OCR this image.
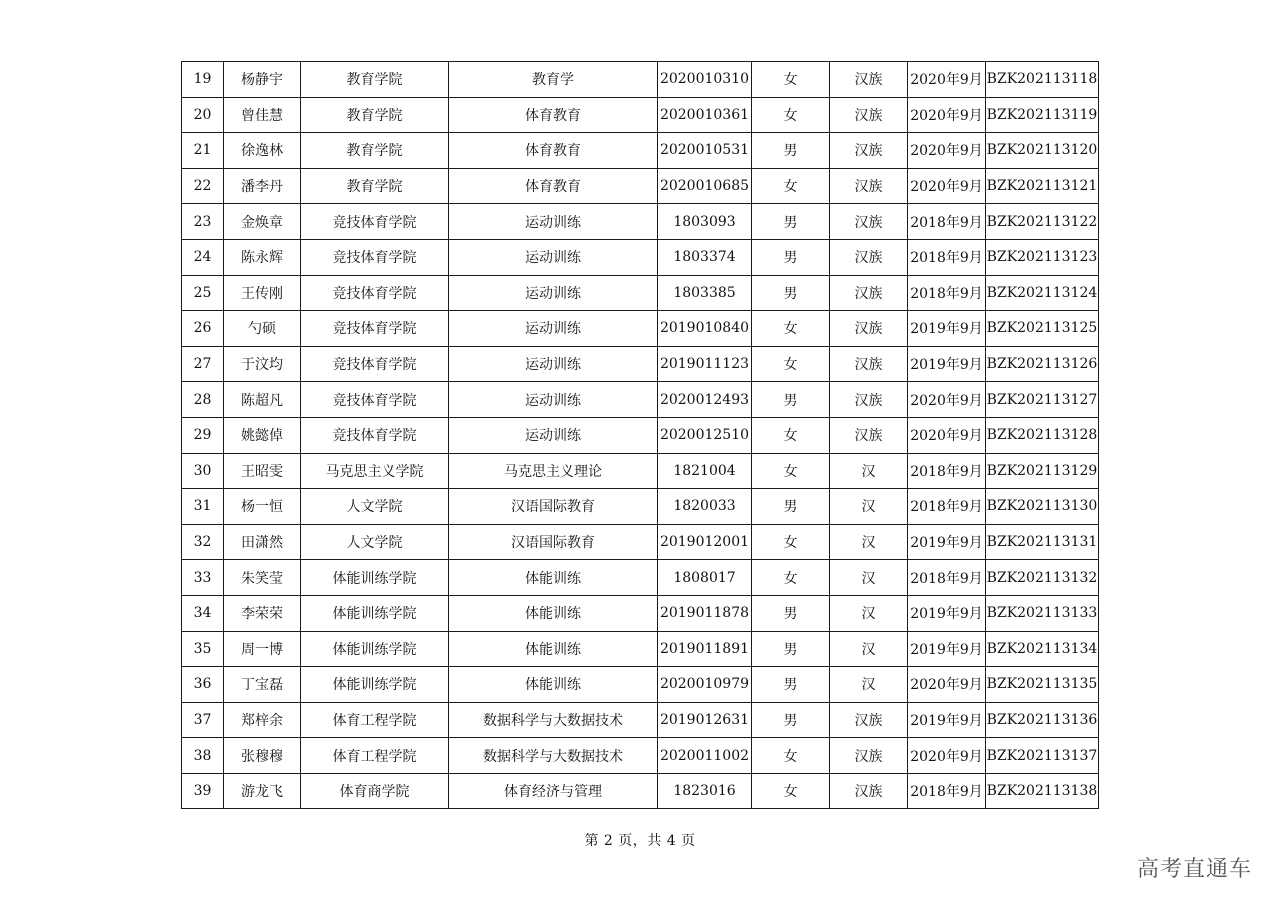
19	杨静宇	教育学院	教育学	2020010310	女	汉族	2020年9月	BZK202113118
20	曾佳慧	教育学院	体育教育	2020010361	女	汉族	2020年9月	BZK202113119
21	徐逸林	教育学院	体育教育	2020010531	男	汉族	2020年9月	BZK202113120
22	潘李丹	教育学院	体育教育	2020010685	女	汉族	2020年9月	BZK202113121
23	金焕章	竞技体育学院	运动训练	1803093	男	汉族	2018年9月	BZK202113122
24	陈永辉	竞技体育学院	运动训练	1803374	男	汉族	2018年9月	BZK202113123
25	王传刚	竞技体育学院	运动训练	1803385	男	汉族	2018年9月	BZK202113124
26	勺硕	竞技体育学院	运动训练	2019010840	女	汉族	2019年9月	BZK202113125
27	于汶均	竞技体育学院	运动训练	2019011123	女	汉族	2019年9月	BZK202113126
28	陈超凡	竞技体育学院	运动训练	2020012493	男	汉族	2020年9月	BZK202113127
29	姚懿倬	竞技体育学院	运动训练	2020012510	女	汉族	2020年9月	BZK202113128
30	王昭雯	马克思主义学院	马克思主义理论	1821004	女	汉	2018年9月	BZK202113129
31	杨一恒	人文学院	汉语国际教育	1820033	男	汉	2018年9月	BZK202113130
32	田潇然	人文学院	汉语国际教育	2019012001	女	汉	2019年9月	BZK202113131
33	朱笑莹	体能训练学院	体能训练	1808017	女	汉	2018年9月	BZK202113132
34	李荣荣	体能训练学院	体能训练	2019011878	男	汉	2019年9月	BZK202113133
35	周一博	体能训练学院	体能训练	2019011891	男	汉	2019年9月	BZK202113134
36	丁宝磊	体能训练学院	体能训练	2020010979	男	汉	2020年9月	BZK202113135
37	郑梓余	体育工程学院	数据科学与大数据技术	2019012631	男	汉族	2019年9月	BZK202113136
38	张穆穆	体育工程学院	数据科学与大数据技术	2020011002	女	汉族	2020年9月	BZK202113137
39	游龙飞	体育商学院	体育经济与管理	1823016	女	汉族	2018年9月	BZK202113138
第 2 页，共 4 页
高考直通车
